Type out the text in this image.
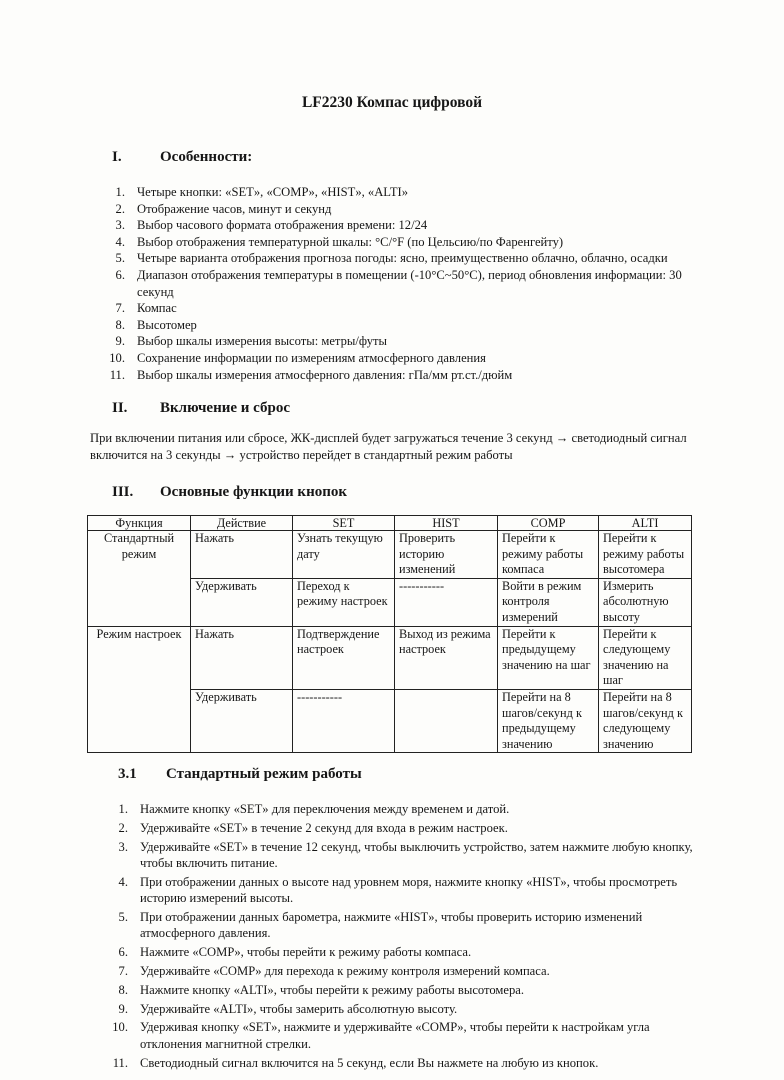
LF2230 Компас цифровой
I.	Особенности:
1. Четыре кнопки: «SET», «COMP», «HIST», «ALTI»
2. Отображение часов, минут и секунд
3. Выбор часового формата отображения времени: 12/24
4. Выбор отображения температурной шкалы: °C/°F (по Цельсию/по Фаренгейту)
5. Четыре варианта отображения прогноза погоды: ясно, преимущественно облачно, облачно, осадки
6. Диапазон отображения температуры в помещении (-10°C~50°C), период обновления информации: 30 секунд
7. Компас
8. Высотомер
9. Выбор шкалы измерения высоты: метры/футы
10. Сохранение информации по измерениям атмосферного давления
11. Выбор шкалы измерения атмосферного давления: гПа/мм рт.ст./дюйм
II. Включение и сброс
При включении питания или сбросе, ЖК-дисплей будет загружаться течение 3 секунд → светодиодный сигнал включится на 3 секунды → устройство перейдет в стандартный режим работы
III. Основные функции кнопок
Функция	Действие	SET	HIST	COMP	ALTI
Стандартный режим	Нажать	Узнать текущую дату	Проверить историю изменений	Перейти к режиму работы компаса	Перейти к режиму работы высотомера
	Удерживать	Переход к режиму настроек	-----------	Войти в режим контроля измерений	Измерить абсолютную высоту
Режим настроек	Нажать	Подтверждение настроек	Выход из режима настроек	Перейти к предыдущему значению на шаг	Перейти к следующему значению на шаг
	Удерживать	-----------		Перейти на 8 шагов/секунд к предыдущему значению	Перейти на 8 шагов/секунд к следующему значению
3.1 Стандартный режим работы
1. Нажмите кнопку «SET» для переключения между временем и датой.
2. Удерживайте «SET» в течение 2 секунд для входа в режим настроек.
3. Удерживайте «SET» в течение 12 секунд, чтобы выключить устройство, затем нажмите любую кнопку, чтобы включить питание.
4. При отображении данных о высоте над уровнем моря, нажмите кнопку «HIST», чтобы просмотреть историю измерений высоты.
5. При отображении данных барометра, нажмите «HIST», чтобы проверить историю изменений атмосферного давления.
6. Нажмите «COMP», чтобы перейти к режиму работы компаса.
7. Удерживайте «COMP» для перехода к режиму контроля измерений компаса.
8. Нажмите кнопку «ALTI», чтобы перейти к режиму работы высотомера.
9. Удерживайте «ALTI», чтобы замерить абсолютную высоту.
10. Удерживая кнопку «SET», нажмите и удерживайте «COMP», чтобы перейти к настройкам угла отклонения магнитной стрелки.
11. Светодиодный сигнал включится на 5 секунд, если Вы нажмете на любую из кнопок.
